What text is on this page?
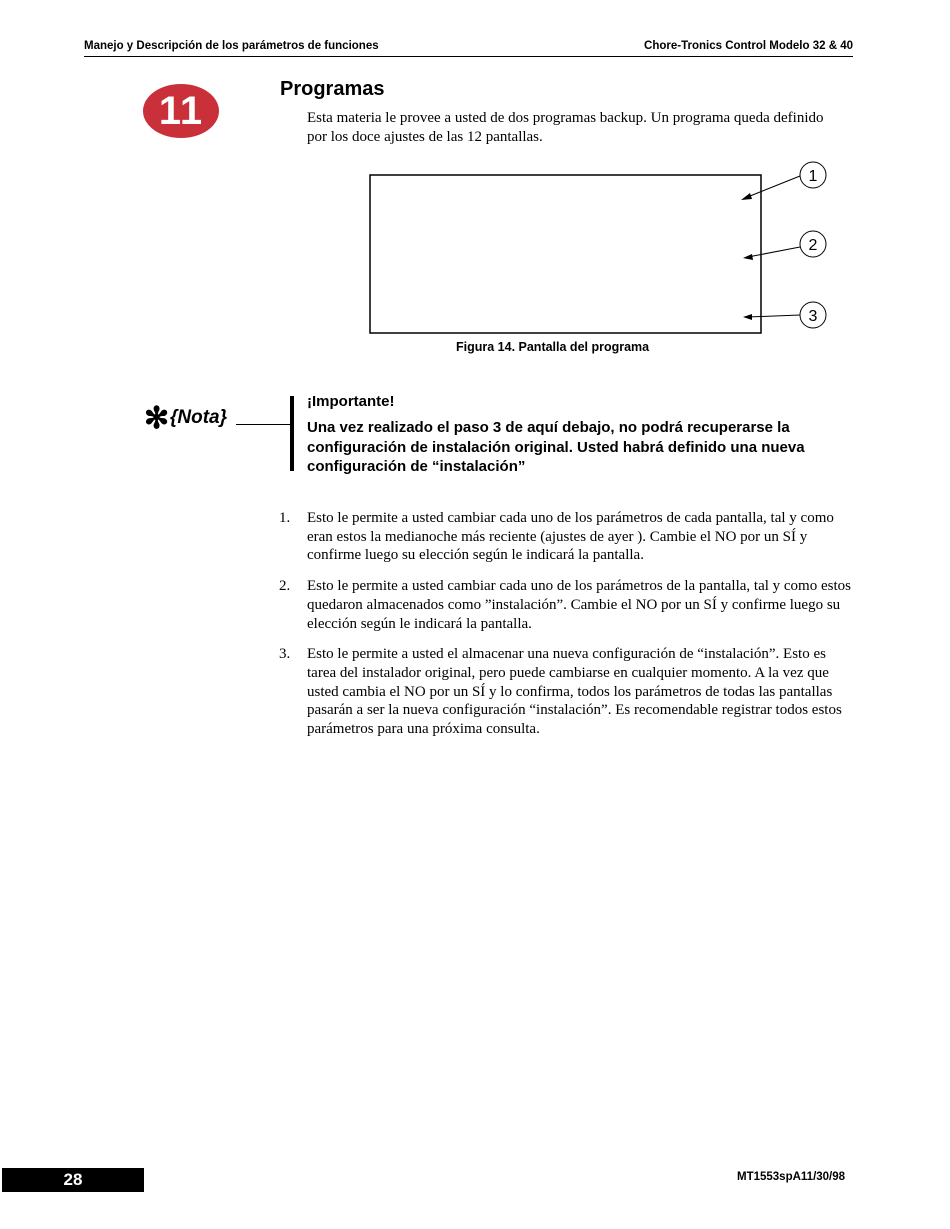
Manejo y Descripción de los parámetros de funciones	Chore-Tronics Control Modelo 32 & 40
11	Programas
Esta materia le provee a usted de dos programas backup. Un programa queda definido por los doce ajustes de las 12 pantallas.
1
2
3
Figura 14. Pantalla del programa
✻ {Nota}
¡Importante!
Una vez realizado el paso 3 de aquí debajo, no podrá recuperarse la configuración de instalación original. Usted habrá definido una nueva configuración de “instalación”
1. Esto le permite a usted cambiar cada uno de los parámetros de cada pantalla, tal y como eran estos la medianoche más reciente (ajustes de ayer ). Cambie el NO por un SÍ y confirme luego su elección según le indicará la pantalla.
2. Esto le permite a usted cambiar cada uno de los parámetros de la pantalla, tal y como estos quedaron almacenados como ”instalación”. Cambie el NO por un SÍ y confirme luego su elección según le indicará la pantalla.
3. Esto le permite a usted el almacenar una nueva configuración de “instalación”. Esto es tarea del instalador original, pero puede cambiarse en cualquier momento. A la vez que usted cambia el NO por un SÍ y lo confirma, todos los parámetros de todas las pantallas pasarán a ser la nueva configuración “instalación”. Es recomendable registrar todos estos parámetros para una próxima consulta.
28	MT1553spA11/30/98
